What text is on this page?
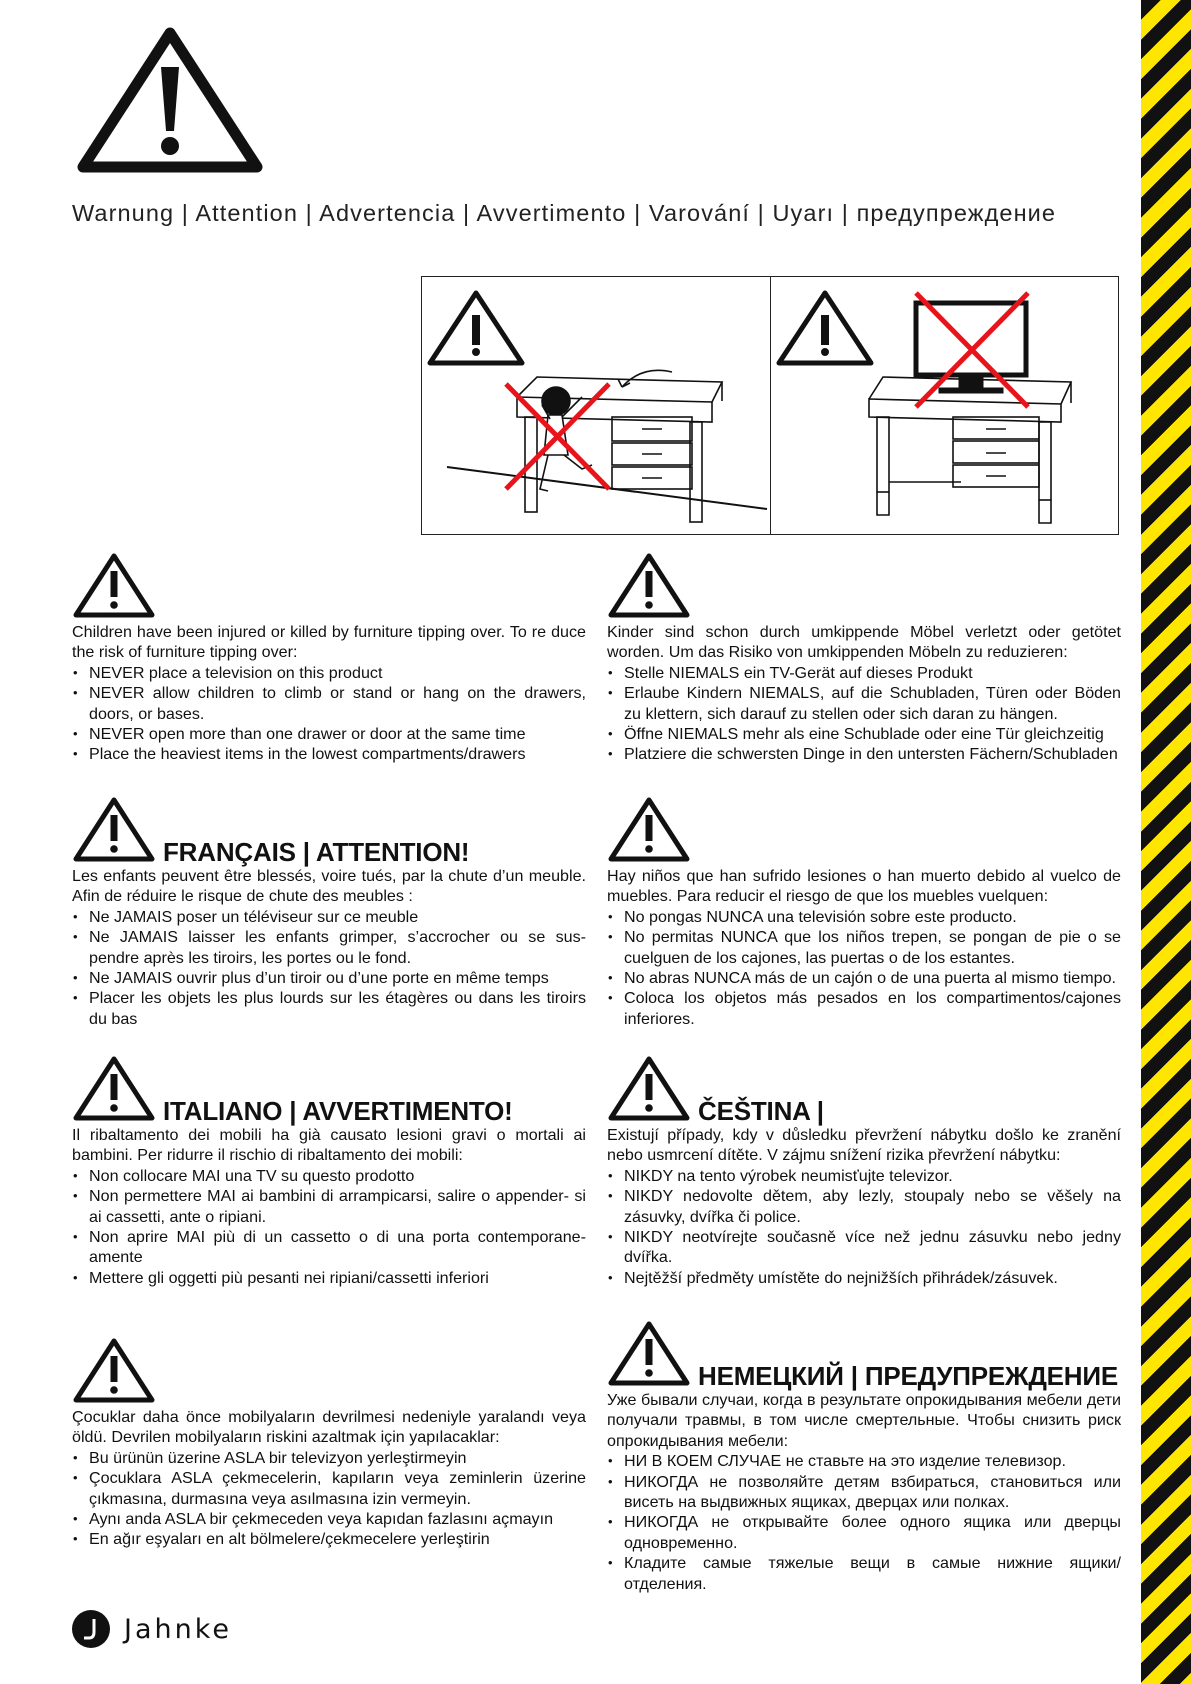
Warnung | Attention | Advertencia | Avvertimento | Varování | Uyarı | предупреждение

Children have been injured or killed by furniture tipping over. To re duce the risk of furniture tipping over:

• NEVER place a television on this product
• NEVER allow children to climb or stand or hang on the drawers, doors, or bases.
• NEVER open more than one drawer or door at the same time
• Place the heaviest items in the lowest compartments/drawers

Kinder sind schon durch umkippende Möbel verletzt oder getötet worden. Um das Risiko von umkippenden Möbeln zu reduzieren:

• Stelle NIEMALS ein TV-Gerät auf dieses Produkt
• Erlaube Kindern NIEMALS, auf die Schubladen, Türen oder Böden zu klettern, sich darauf zu stellen oder sich daran zu hängen.
• Öffne NIEMALS mehr als eine Schublade oder eine Tür gleichzeitig
• Platziere die schwersten Dinge in den untersten Fächern/Schubladen
FRANÇAIS | ATTENTION!

Les enfants peuvent être blessés, voire tués, par la chute d’un meuble. Afin de réduire le risque de chute des meubles :

• Ne JAMAIS poser un téléviseur sur ce meuble
• Ne JAMAIS laisser les enfants grimper, s’accrocher ou se sus- pendre après les tiroirs, les portes ou le fond.
• Ne JAMAIS ouvrir plus d’un tiroir ou d’une porte en même temps
• Placer les objets les plus lourds sur les étagères ou dans les tiroirs du bas

Hay niños que han sufrido lesiones o han muerto debido al vuelco de muebles. Para reducir el riesgo de que los muebles vuelquen:

• No pongas NUNCA una televisión sobre este producto.
• No permitas NUNCA que los niños trepen, se pongan de pie o se cuelguen de los cajones, las puertas o de los estantes.
• No abras NUNCA más de un cajón o de una puerta al mismo tiempo.
• Coloca los objetos más pesados en los compartimentos/cajones inferiores.
ITALIANO | AVVERTIMENTO!

Il ribaltamento dei mobili ha già causato lesioni gravi o mortali ai bambini. Per ridurre il rischio di ribaltamento dei mobili:

• Non collocare MAI una TV su questo prodotto
• Non permettere MAI ai bambini di arrampicarsi, salire o appender- si ai cassetti, ante o ripiani.
• Non aprire MAI più di un cassetto o di una porta contemporane- amente
• Mettere gli oggetti più pesanti nei ripiani/cassetti inferiori
ČEŠTINA |

Existují případy, kdy v důsledku převržení nábytku došlo ke zranění nebo usmrcení dítěte. V zájmu snížení rizika převržení nábytku:

• NIKDY na tento výrobek neumisťujte televizor.
• NIKDY nedovolte dětem, aby lezly, stoupaly nebo se věšely na zásuvky, dvířka či police.
• NIKDY neotvírejte současně více než jednu zásuvku nebo jedny dvířka.
• Nejtěžší předměty umístěte do nejnižších přihrádek/zásuvek.

Çocuklar daha önce mobilyaların devrilmesi nedeniyle yaralandı veya öldü. Devrilen mobilyaların riskini azaltmak için yapılacaklar:

• Bu ürünün üzerine ASLA bir televizyon yerleştirmeyin
• Çocuklara ASLA çekmecelerin, kapıların veya zeminlerin üzerine çıkmasına, durmasına veya asılmasına izin vermeyin.
• Aynı anda ASLA bir çekmeceden veya kapıdan fazlasını açmayın
• En ağır eşyaları en alt bölmelere/çekmecelere yerleştirin
НЕМЕЦКИЙ | ПРЕДУПРЕЖДЕНИЕ

Уже бывали случаи, когда в результате опрокидывания мебели дети получали травмы, в том числе смертельные. Чтобы снизить риск опрокидывания мебели:

• НИ В КОЕМ СЛУЧАЕ не ставьте на это изделие телевизор.
• НИКОГДА не позволяйте детям взбираться, становиться или висеть на выдвижных ящиках, дверцах или полках.
• НИКОГДА не открывайте более одного ящика или дверцы одновременно.
• Кладите самые тяжелые вещи в самые нижние ящики/ отделения.
Jahnke
